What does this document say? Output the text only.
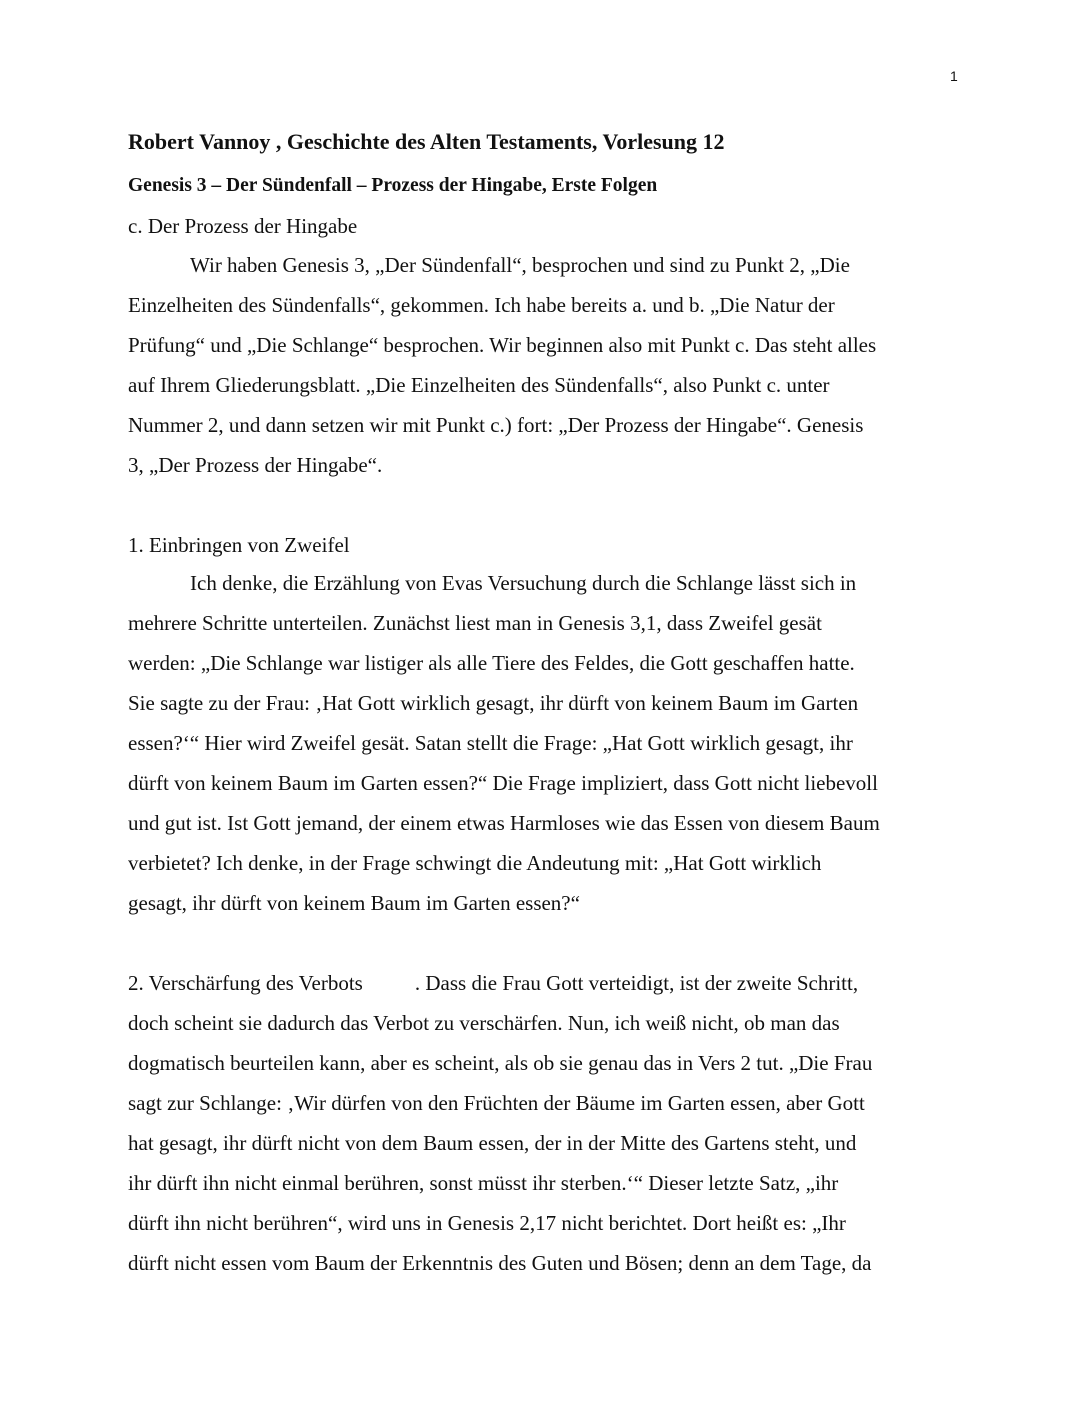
1
Robert Vannoy , Geschichte des Alten Testaments, Vorlesung 12
Genesis 3 – Der Sündenfall – Prozess der Hingabe, Erste Folgen
c. Der Prozess der Hingabe
Wir haben Genesis 3, „Der Sündenfall“, besprochen und sind zu Punkt 2, „Die
Einzelheiten des Sündenfalls“, gekommen. Ich habe bereits a. und b. „Die Natur der
Prüfung“ und „Die Schlange“ besprochen. Wir beginnen also mit Punkt c. Das steht alles
auf Ihrem Gliederungsblatt. „Die Einzelheiten des Sündenfalls“, also Punkt c. unter
Nummer 2, und dann setzen wir mit Punkt c.) fort: „Der Prozess der Hingabe“. Genesis
3, „Der Prozess der Hingabe“.
1. Einbringen von Zweifel
Ich denke, die Erzählung von Evas Versuchung durch die Schlange lässt sich in
mehrere Schritte unterteilen. Zunächst liest man in Genesis 3,1, dass Zweifel gesät
werden: „Die Schlange war listiger als alle Tiere des Feldes, die Gott geschaffen hatte.
Sie sagte zu der Frau: ‚Hat Gott wirklich gesagt, ihr dürft von keinem Baum im Garten
essen?‘“ Hier wird Zweifel gesät. Satan stellt die Frage: „Hat Gott wirklich gesagt, ihr
dürft von keinem Baum im Garten essen?“ Die Frage impliziert, dass Gott nicht liebevoll
und gut ist. Ist Gott jemand, der einem etwas Harmloses wie das Essen von diesem Baum
verbietet? Ich denke, in der Frage schwingt die Andeutung mit: „Hat Gott wirklich
gesagt, ihr dürft von keinem Baum im Garten essen?“
2. Verschärfung des Verbots . Dass die Frau Gott verteidigt, ist der zweite Schritt,
doch scheint sie dadurch das Verbot zu verschärfen. Nun, ich weiß nicht, ob man das
dogmatisch beurteilen kann, aber es scheint, als ob sie genau das in Vers 2 tut. „Die Frau
sagt zur Schlange: ‚Wir dürfen von den Früchten der Bäume im Garten essen, aber Gott
hat gesagt, ihr dürft nicht von dem Baum essen, der in der Mitte des Gartens steht, und
ihr dürft ihn nicht einmal berühren, sonst müsst ihr sterben.‘“ Dieser letzte Satz, „ihr
dürft ihn nicht berühren“, wird uns in Genesis 2,17 nicht berichtet. Dort heißt es: „Ihr
dürft nicht essen vom Baum der Erkenntnis des Guten und Bösen; denn an dem Tage, da
